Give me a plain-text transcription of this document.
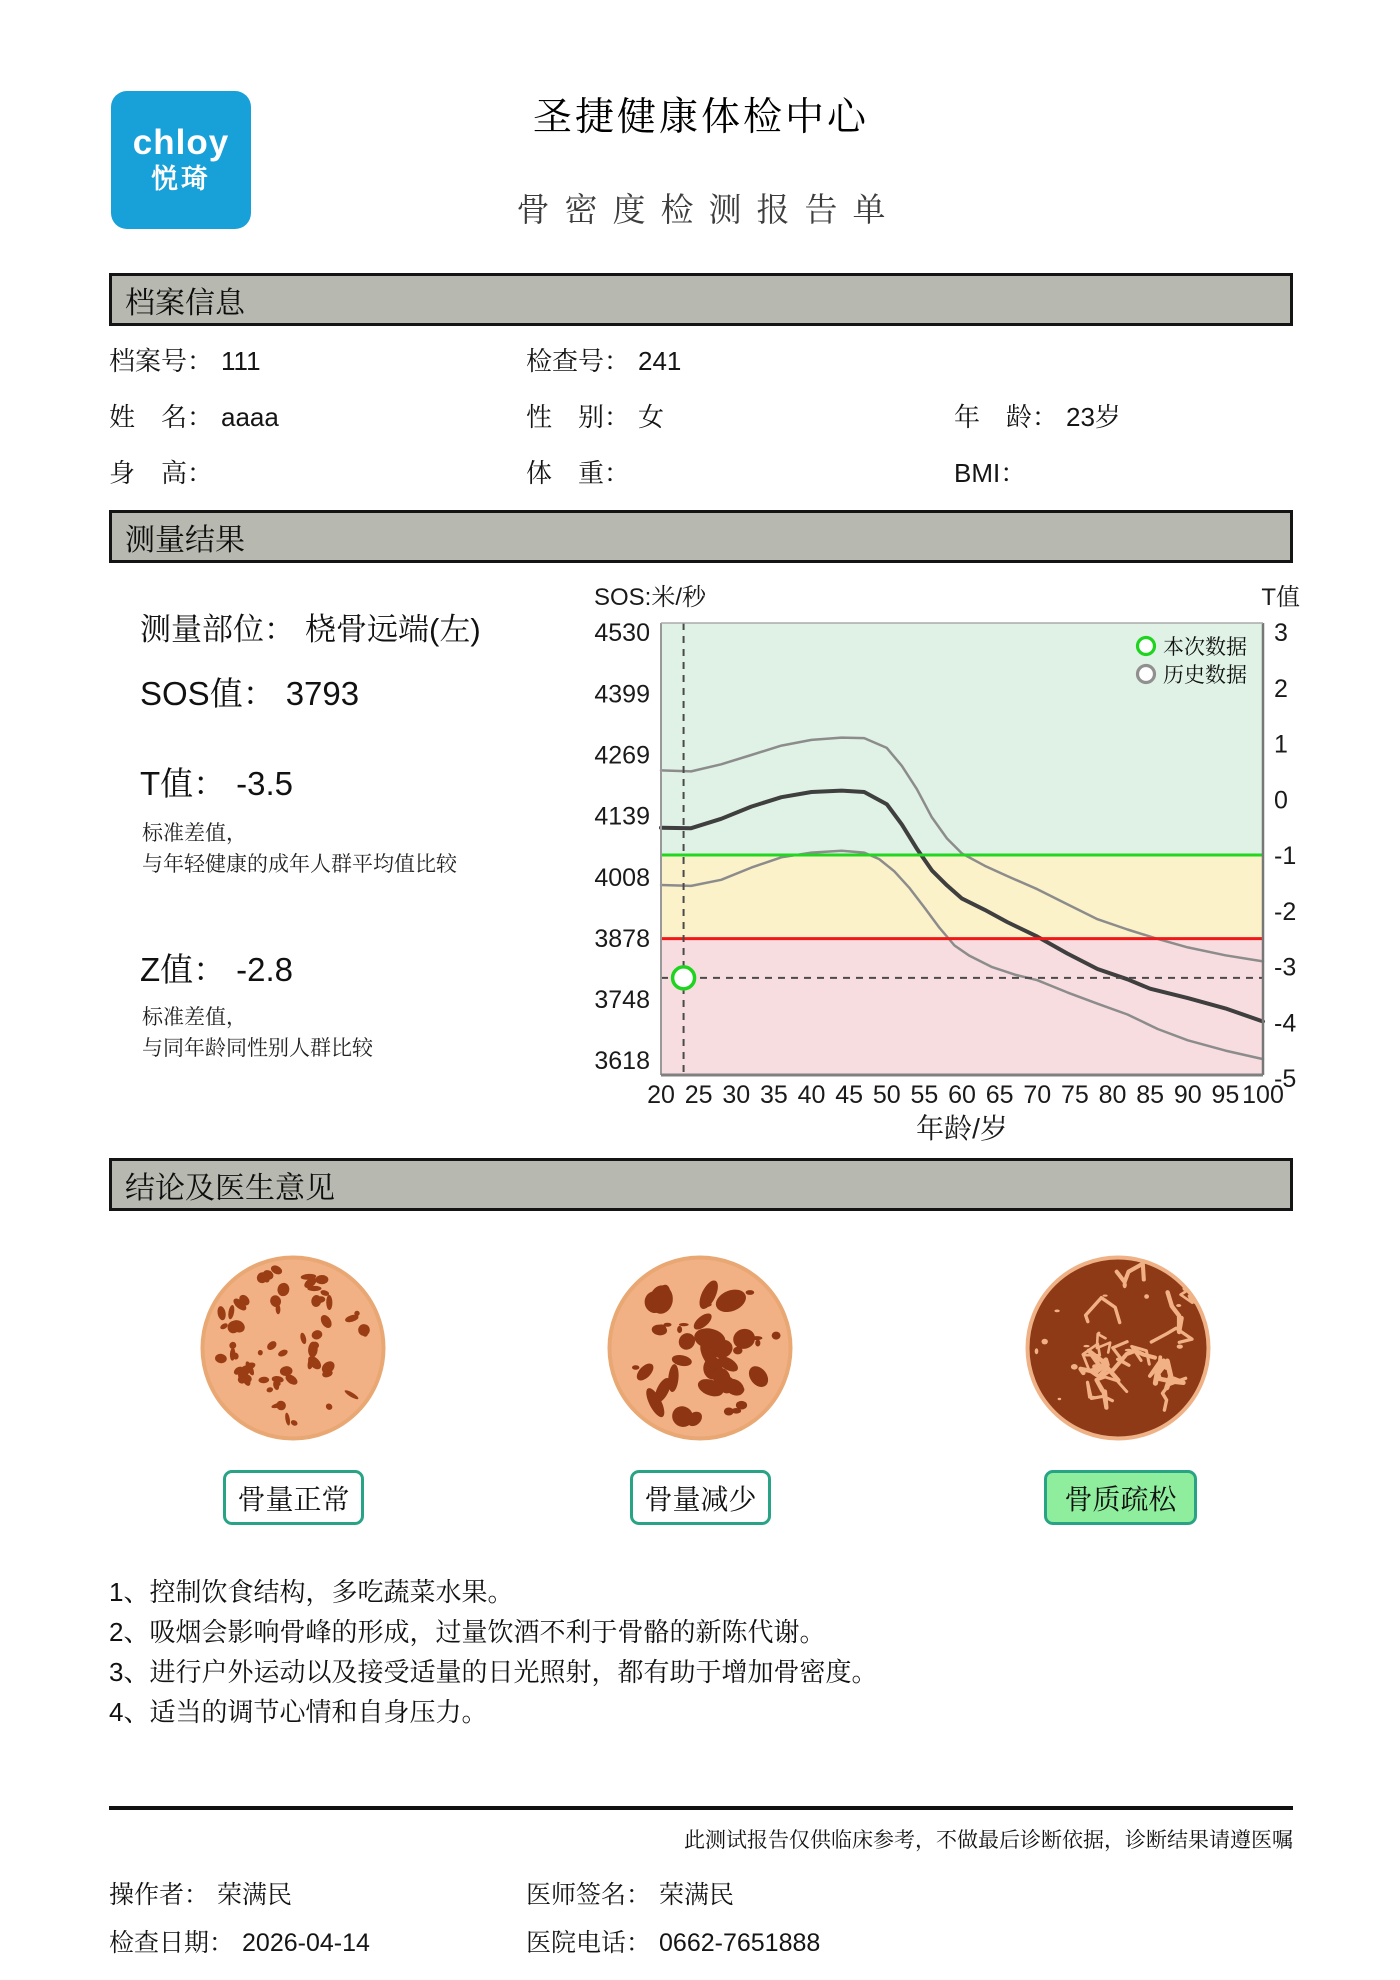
chloy
悦琦
圣捷健康体检中心
骨密度检测报告单
档案信息
档案号： 111	检查号： 241
姓　名： aaaa	性　别： 女	年　龄： 23岁
身　高：	体　重：	BMI：
测量结果
测量部位： 桡骨远端(左)
SOS值： 3793
T值： -3.5
标准差值，
与年轻健康的成年人群平均值比较
Z值： -2.8
标准差值，
与同年龄同性别人群比较
4530
4399
4269
4139
4008
3878
3748
3618
3
2
1
0
-1
-2
-3
-4
-5
20 25 30 35 40 45 50 55 60 65 70 75 80 85 90 95 100
SOS:米/秒	T值
年龄/岁
本次数据
历史数据
结论及医生意见
骨量正常	骨量减少	骨质疏松
1、控制饮食结构，多吃蔬菜水果。
2、吸烟会影响骨峰的形成，过量饮酒不利于骨骼的新陈代谢。
3、进行户外运动以及接受适量的日光照射，都有助于增加骨密度。
4、适当的调节心情和自身压力。
此测试报告仅供临床参考，不做最后诊断依据，诊断结果请遵医嘱
操作者： 荣满民	医师签名： 荣满民
检查日期： 2026-04-14	医院电话： 0662-7651888
